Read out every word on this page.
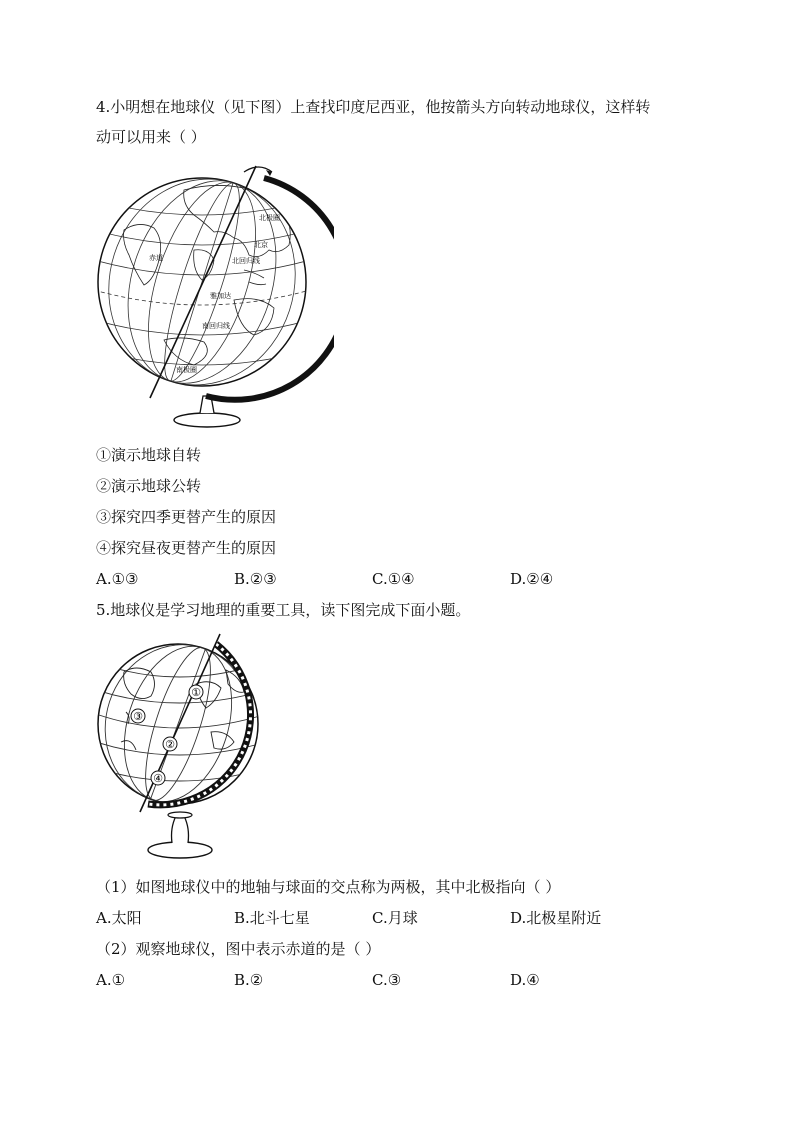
4.小明想在地球仪（见下图）上查找印度尼西亚，他按箭头方向转动地球仪，这样转
动可以用来（ ）
北极圈
北京
北回归线
赤道
雅加达
南回归线
南极圈
①演示地球自转
②演示地球公转
③探究四季更替产生的原因
④探究昼夜更替产生的原因
A.①③	B.②③	C.①④	D.②④
5.地球仪是学习地理的重要工具，读下图完成下面小题。
①
②
③
④
（1）如图地球仪中的地轴与球面的交点称为两极，其中北极指向（ ）
A.太阳	B.北斗七星	C.月球	D.北极星附近
（2）观察地球仪，图中表示赤道的是（ ）
A.①	B.②	C.③	D.④
